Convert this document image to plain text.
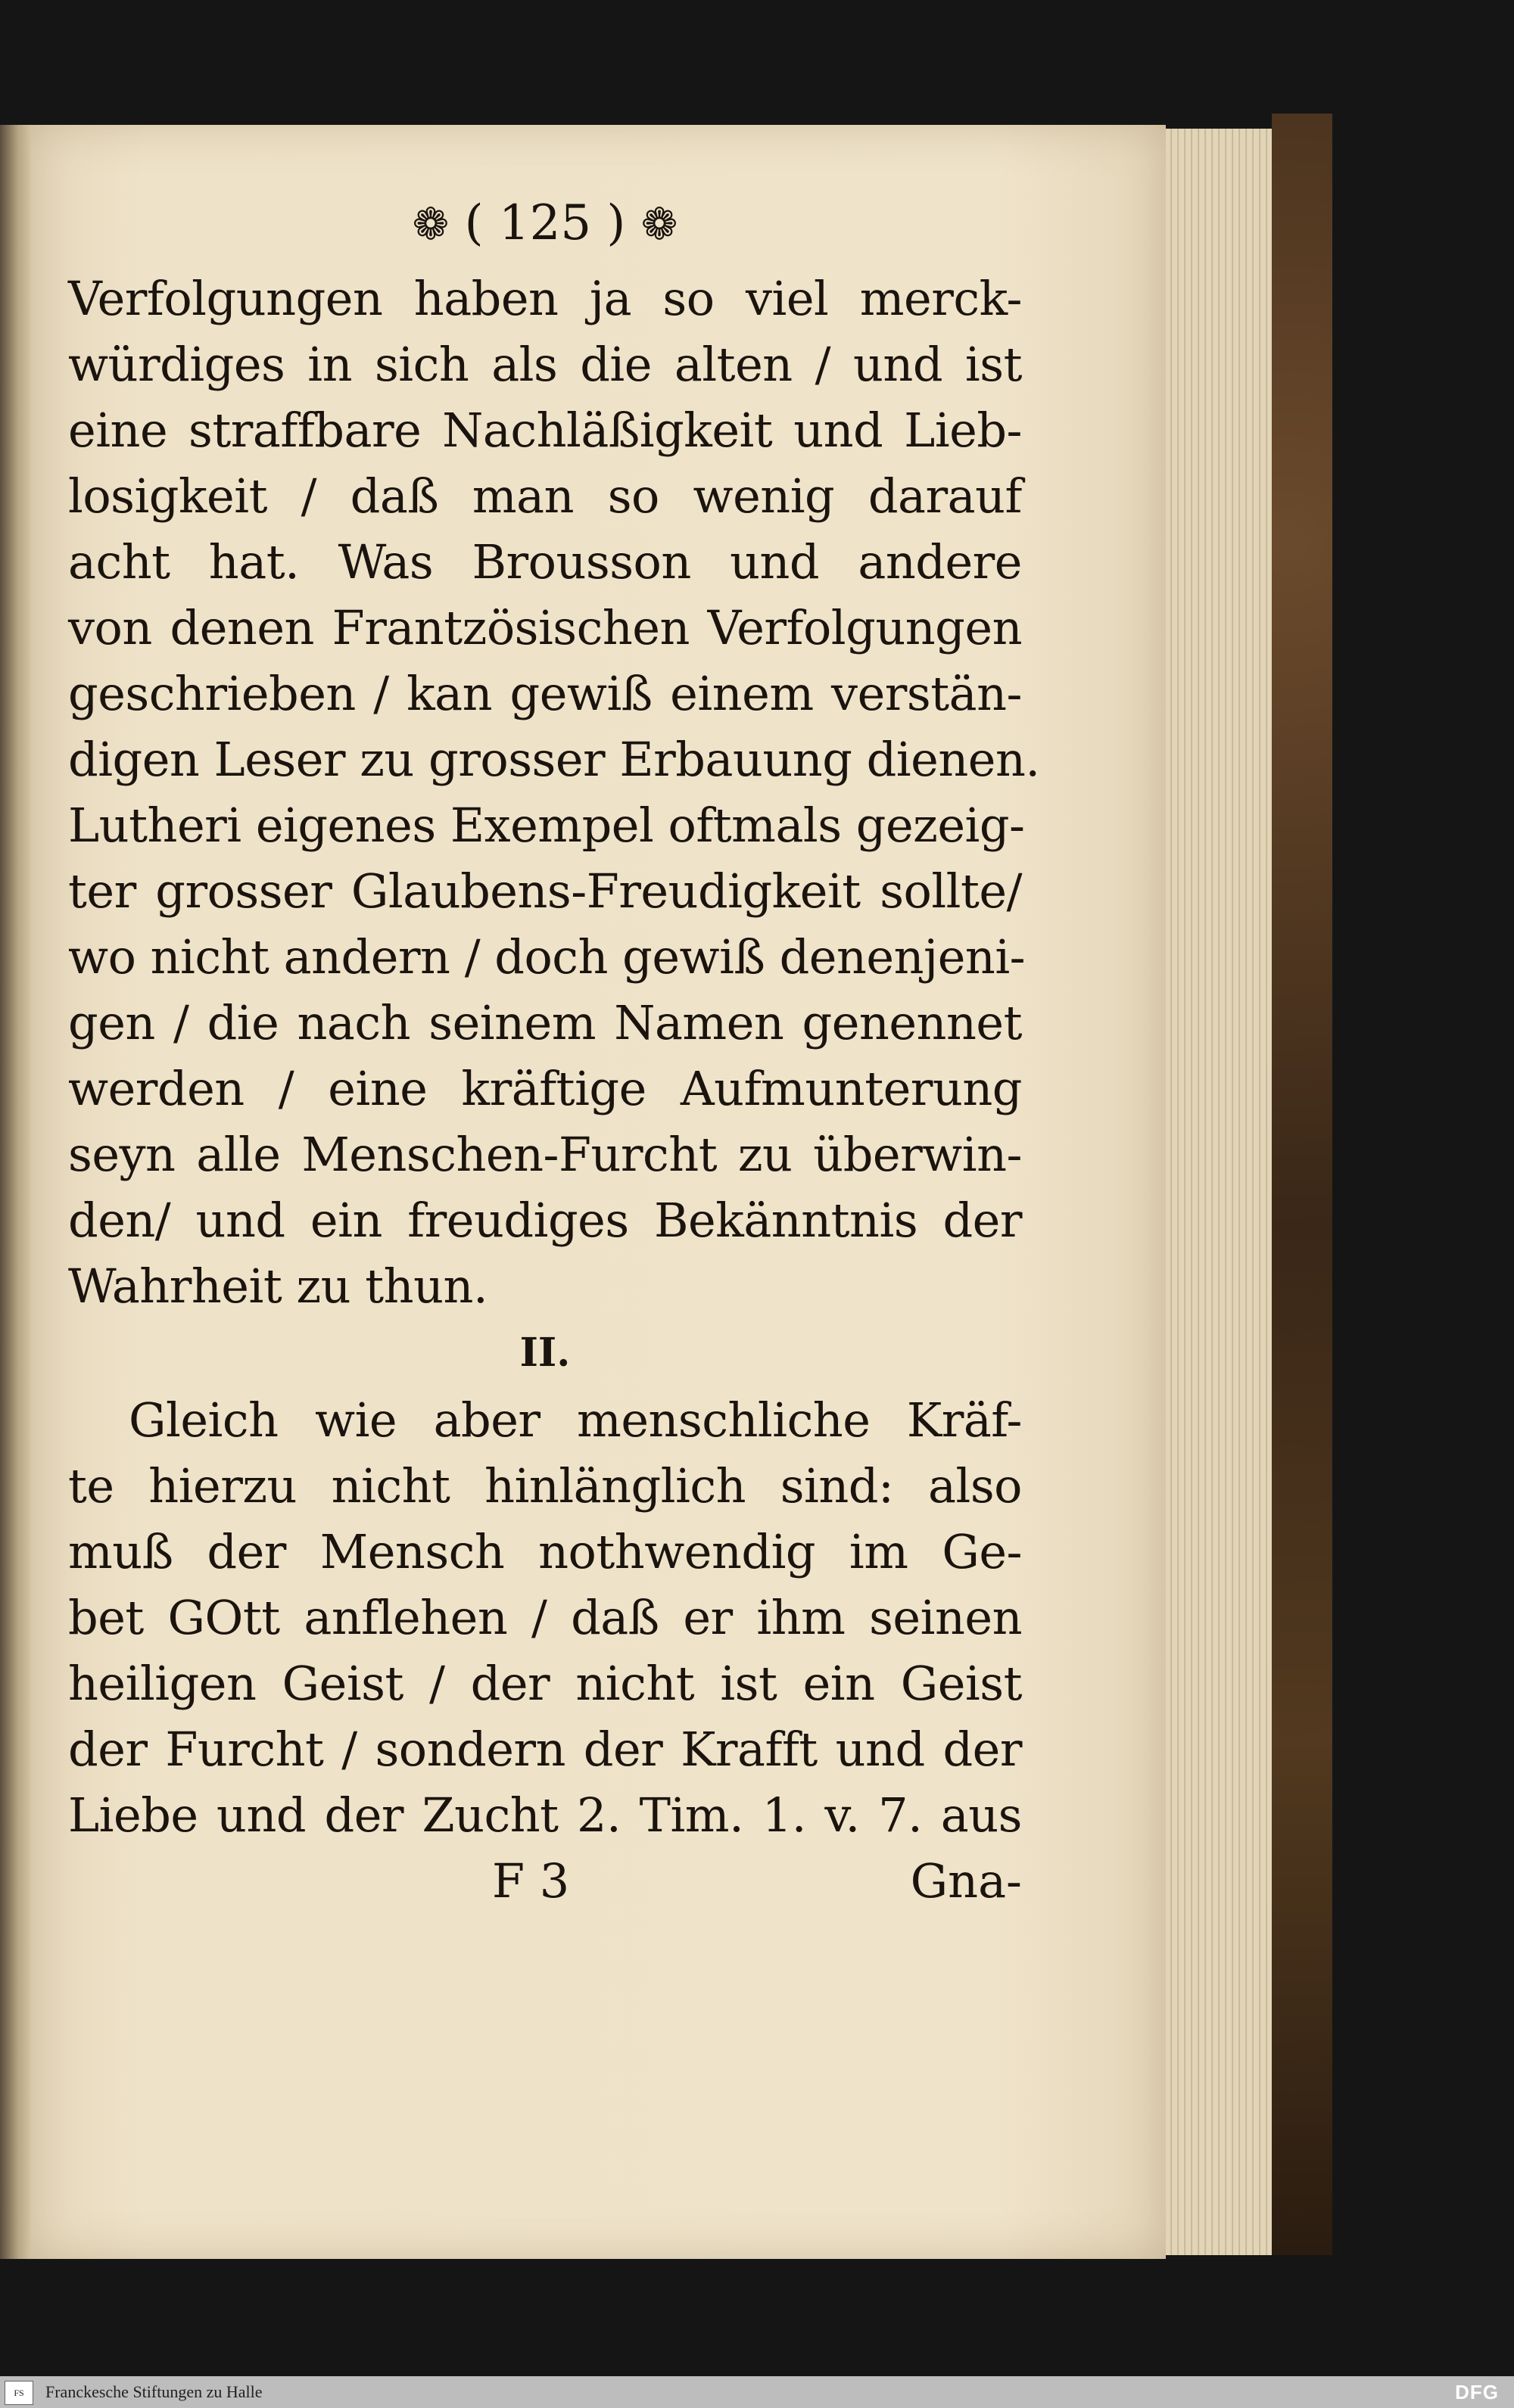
❁ ( 125 ) ❁
Verfolgungen haben ja so viel merck-
würdiges in sich als die alten / und ist
eine straffbare Nachläßigkeit und Lieb-
losigkeit / daß man so wenig darauf
acht hat. Was Brousson und andere
von denen Frantzösischen Verfolgungen
geschrieben / kan gewiß einem verstän-
digen Leser zu grosser Erbauung dienen.
Lutheri eigenes Exempel oftmals gezeig-
ter grosser Glaubens-Freudigkeit sollte/
wo nicht andern / doch gewiß denenjeni-
gen / die nach seinem Namen genennet
werden / eine kräftige Aufmunterung
seyn alle Menschen-Furcht zu überwin-
den/ und ein freudiges Bekänntnis der
Wahrheit zu thun.
II.
Gleich wie aber menschliche Kräf-
te hierzu nicht hinlänglich sind: also
muß der Mensch nothwendig im Ge-
bet GOtt anflehen / daß er ihm seinen
heiligen Geist / der nicht ist ein Geist
der Furcht / sondern der Krafft und der
Liebe und der Zucht 2. Tim. 1. v. 7. aus
F 3	Gna-
FS	Franckesche Stiftungen zu Halle	DFG
